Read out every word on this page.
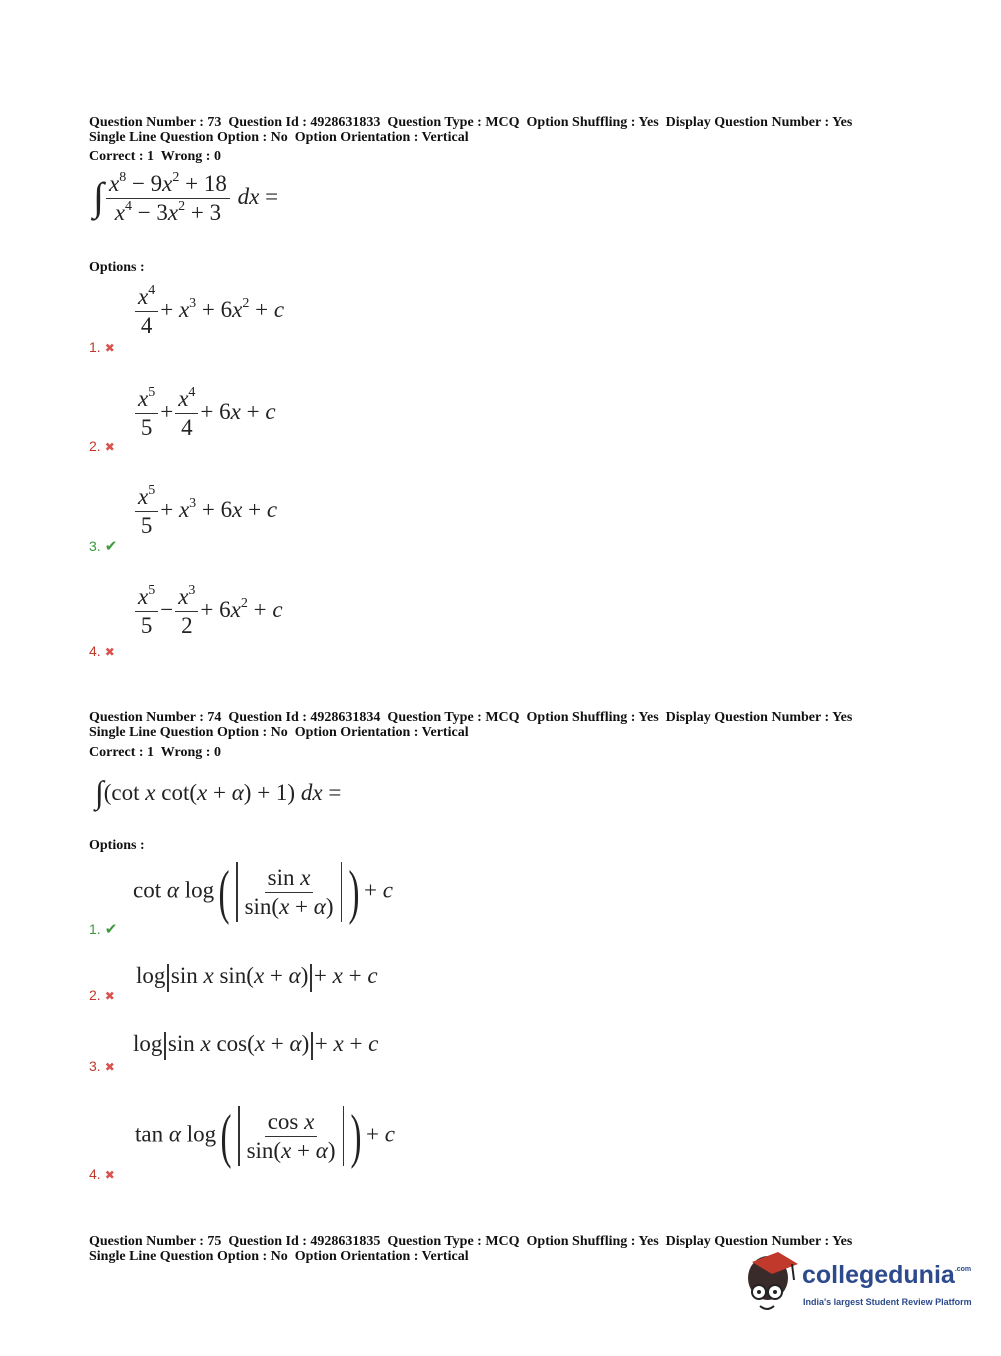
Question Number : 73  Question Id : 4928631833  Question Type : MCQ  Option Shuffling : Yes  Display Question Number : Yes
Single Line Question Option : No  Option Orientation : Vertical
Correct : 1  Wrong : 0
∫ $\frac{x^8 - 9x^2 + 18}{x^4 - 3x^2 + 3}$ dx =
Options :
$\frac{x^4}{4} + x^3 + 6x^2 + c$
1. ✖
$\frac{x^5}{5} + \frac{x^4}{4} + 6x + c$
2. ✖
$\frac{x^5}{5} + x^3 + 6x + c$
3. ✔
$\frac{x^5}{5} - \frac{x^3}{2} + 6x^2 + c$
4. ✖
Question Number : 74  Question Id : 4928631834  Question Type : MCQ  Option Shuffling : Yes  Display Question Number : Yes
Single Line Question Option : No  Option Orientation : Vertical
Correct : 1  Wrong : 0
∫(cot x cot(x + α) + 1) dx =
Options :
cot α $\log( \frac{\text{sin x}}{\sin(x + \alpha)}$ ) + c
1. ✔
log sin x sin(x + α) + x + c
2. ✖
log sin x cos(x + α) + x + c
3. ✖
tan α $\log( \frac{\text{cos x}}{\sin(x + \alpha)}$ ) + c
4. ✖
Question Number : 75  Question Id : 4928631835  Question Type : MCQ  Option Shuffling : Yes  Display Question Number : Yes
Single Line Question Option : No  Option Orientation : Vertical
collegedunia$^{.com}$
India's largest Student Review Platform
